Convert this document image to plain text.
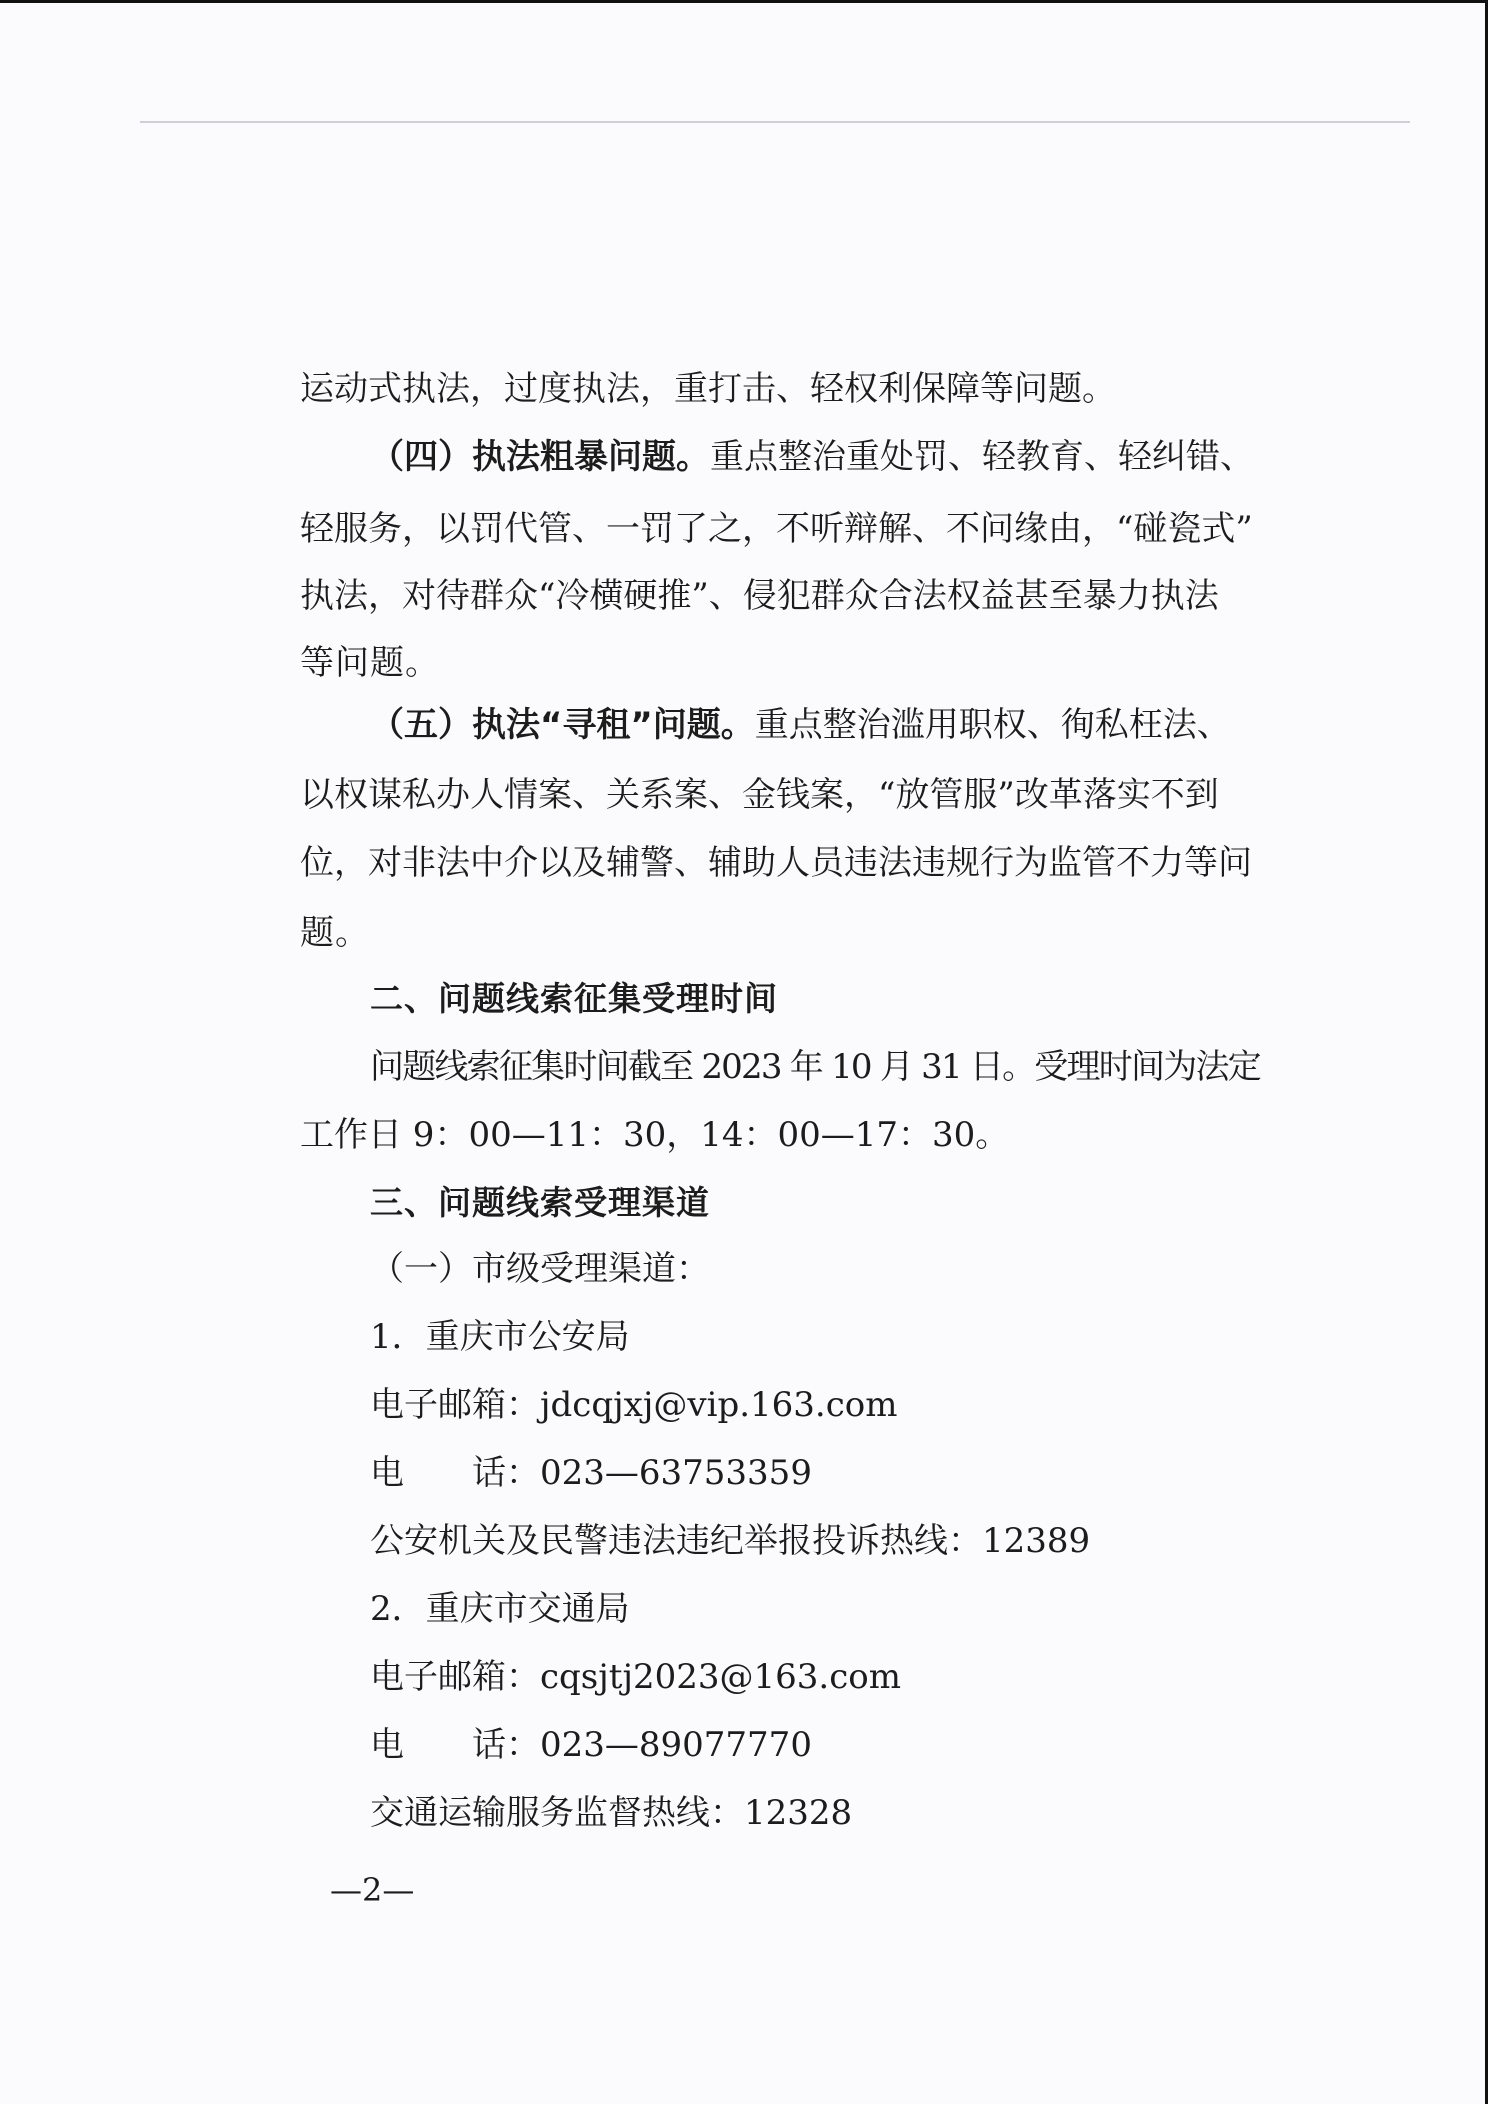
运动式执法，过度执法，重打击、轻权利保障等问题。
（四）执法粗暴问题。重点整治重处罚、轻教育、轻纠错、
轻服务，以罚代管、一罚了之，不听辩解、不问缘由，“碰瓷式”
执法，对待群众“冷横硬推”、侵犯群众合法权益甚至暴力执法
等问题。
（五）执法“寻租”问题。重点整治滥用职权、徇私枉法、
以权谋私办人情案、关系案、金钱案，“放管服”改革落实不到
位，对非法中介以及辅警、辅助人员违法违规行为监管不力等问
题。
二、问题线索征集受理时间
问题线索征集时间截至 2023 年 10 月 31 日。受理时间为法定
工作日 9：00—11：30，14：00—17：30。
三、问题线索受理渠道
（一）市级受理渠道：
1．重庆市公安局
电子邮箱：jdcqjxj@vip.163.com
电　　话：023—63753359
公安机关及民警违法违纪举报投诉热线：12389
2．重庆市交通局
电子邮箱：cqsjtj2023@163.com
电　　话：023—89077770
交通运输服务监督热线：12328
—2—
